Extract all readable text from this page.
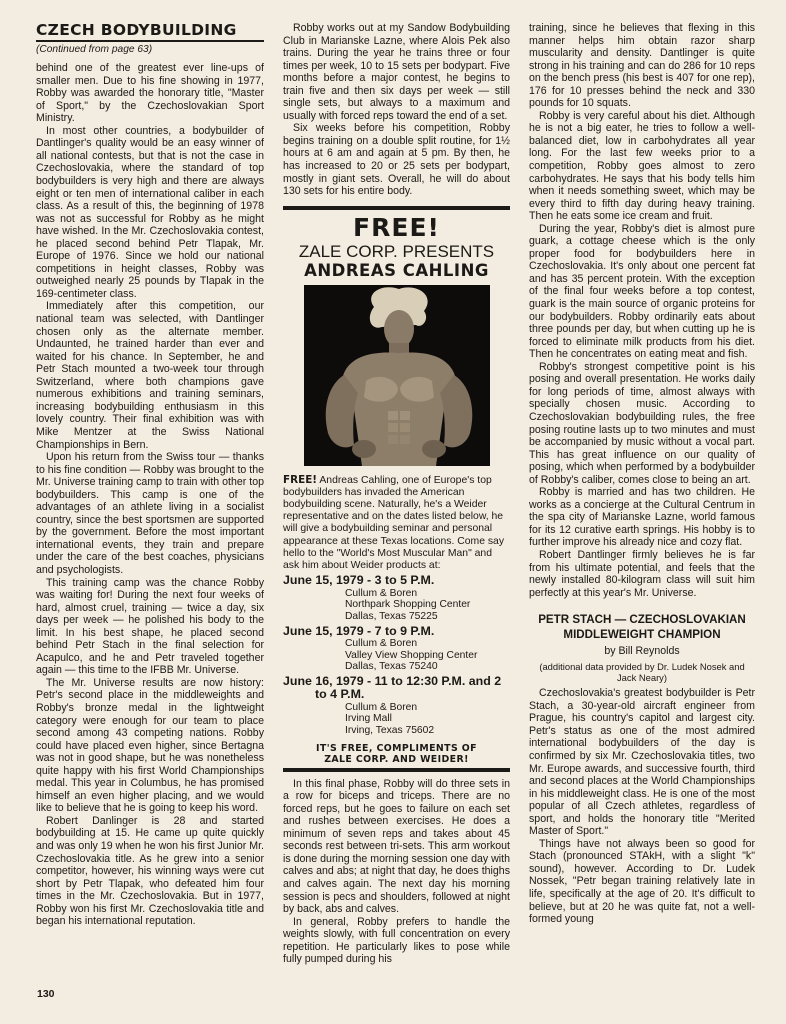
CZECH BODYBUILDING
(Continued from page 63)

behind one of the greatest ever line-ups of smaller men. Due to his fine showing in 1977, Robby was awarded the honorary title, "Master of Sport," by the Czechoslovakian Sport Ministry.

In most other countries, a bodybuilder of Dantlinger's quality would be an easy winner of all national contests, but that is not the case in Czechoslovakia, where the standard of top bodybuilders is very high and there are always eight or ten men of international caliber in each class. As a result of this, the beginning of 1978 was not as successful for Robby as he might have wished. In the Mr. Czechoslovakia contest, he placed second behind Petr Tlapak, Mr. Europe of 1976. Since we hold our national competitions in height classes, Robby was outweighed nearly 25 pounds by Tlapak in the 169-centimeter class.

Immediately after this competition, our national team was selected, with Dantlinger chosen only as the alternate member. Undaunted, he trained harder than ever and waited for his chance. In September, he and Petr Stach mounted a two-week tour through Switzerland, where both champions gave numerous exhibitions and training seminars, increasing bodybuilding enthusiasm in this lovely country. Their final exhibition was with Mike Mentzer at the Swiss National Championships in Bern.

Upon his return from the Swiss tour — thanks to his fine condition — Robby was brought to the Mr. Universe training camp to train with other top bodybuilders. This camp is one of the advantages of an athlete living in a socialist country, since the best sportsmen are supported by the government. Before the most important international events, they train and prepare under the care of the best coaches, physicians and psychologists.

This training camp was the chance Robby was waiting for! During the next four weeks of hard, almost cruel, training — twice a day, six days per week — he polished his body to the limit. In his best shape, he placed second behind Petr Stach in the final selection for Acapulco, and he and Petr traveled together again — this time to the IFBB Mr. Universe.

The Mr. Universe results are now history: Petr's second place in the middleweights and Robby's bronze medal in the lightweight category were enough for our team to place second among 43 competing nations. Robby could have placed even higher, since Bertagna was not in good shape, but he was nonetheless quite happy with his first World Championships medal. This year in Columbus, he has promised himself an even higher placing, and we would like to believe that he is going to keep his word.

Robert Danlinger is 28 and started bodybuilding at 15. He came up quite quickly and was only 19 when he won his first Junior Mr. Czechoslovakia title. As he grew into a senior competitor, however, his winning ways were cut short by Petr Tlapak, who defeated him four times in the Mr. Czechoslovakia. But in 1977, Robby won his first Mr. Czechoslovakia title and began his international reputation.

Robby works out at my Sandow Bodybuilding Club in Marianske Lazne, where Alois Pek also trains. During the year he trains three or four times per week, 10 to 15 sets per bodypart. Five months before a major contest, he begins to train five and then six days per week — still single sets, but always to a maximum and usually with forced reps toward the end of a set.

Six weeks before his competition, Robby begins training on a double split routine, for 1½ hours at 6 am and again at 5 pm. By then, he has increased to 20 or 25 sets per bodypart, mostly in giant sets. Overall, he will do about 130 sets for his entire body.

FREE!
ZALE CORP. PRESENTS
ANDREAS CAHLING
FREE! Andreas Cahling, one of Europe's top bodybuilders has invaded the American bodybuilding scene. Naturally, he's a Weider representative and on the dates listed below, he will give a bodybuilding seminar and personal appearance at these Texas locations. Come say hello to the "World's Most Muscular Man" and ask him about Weider products at:
June 15, 1979 - 3 to 5 P.M.
Cullum & Boren
Northpark Shopping Center
Dallas, Texas 75225
June 15, 1979 - 7 to 9 P.M.
Cullum & Boren
Valley View Shopping Center
Dallas, Texas 75240
June 16, 1979 - 11 to 12:30 P.M. and 2 to 4 P.M.
Cullum & Boren
Irving Mall
Irving, Texas 75602
IT'S FREE, COMPLIMENTS OF
ZALE CORP. AND WEIDER!

In this final phase, Robby will do three sets in a row for biceps and triceps. There are no forced reps, but he goes to failure on each set and rushes between exercises. He does a minimum of seven reps and takes about 45 seconds rest between tri-sets. This arm workout is done during the morning session one day with calves and abs; at night that day, he does thighs and calves again. The next day his morning session is pecs and shoulders, followed at night by back, abs and calves.

In general, Robby prefers to handle the weights slowly, with full concentration on every repetition. He particularly likes to pose while fully pumped during his

training, since he believes that flexing in this manner helps him obtain razor sharp muscularity and density. Dantlinger is quite strong in his training and can do 286 for 10 reps on the bench press (his best is 407 for one rep), 176 for 10 presses behind the neck and 330 pounds for 10 squats.

Robby is very careful about his diet. Although he is not a big eater, he tries to follow a well-balanced diet, low in carbohydrates all year long. For the last few weeks prior to a competition, Robby goes almost to zero carbohydrates. He says that his body tells him when it needs something sweet, which may be every third to fifth day during heavy training. Then he eats some ice cream and fruit.

During the year, Robby's diet is almost pure guark, a cottage cheese which is the only proper food for bodybuilders here in Czechoslovakia. It's only about one percent fat and has 35 percent protein. With the exception of the final four weeks before a top contest, guark is the main source of organic proteins for our bodybuilders. Robby ordinarily eats about three pounds per day, but when cutting up he is forced to eliminate milk products from his diet. Then he concentrates on eating meat and fish.

Robby's strongest competitive point is his posing and overall presentation. He works daily for long periods of time, almost always with specially chosen music. According to Czechoslovakian bodybuilding rules, the free posing routine lasts up to two minutes and must be accompanied by music without a vocal part. This has great influence on our quality of posing, which when performed by a bodybuilder of Robby's caliber, comes close to being an art.

Robby is married and has two children. He works as a concierge at the Cultural Centrum in the spa city of Marianske Lazne, world famous for its 12 curative earth springs. His hobby is to further improve his already nice and cozy flat.

Robert Dantlinger firmly believes he is far from his ultimate potential, and feels that the newly installed 80-kilogram class will suit him perfectly at this year's Mr. Universe.

PETR STACH — CZECHOSLOVAKIAN
MIDDLEWEIGHT CHAMPION
by Bill Reynolds
(additional data provided by Dr. Ludek Nosek and Jack Neary)

Czechoslovakia's greatest bodybuilder is Petr Stach, a 30-year-old aircraft engineer from Prague, his country's capitol and largest city. Petr's status as one of the most admired international bodybuilders of the day is confirmed by six Mr. Czechoslovakia titles, two Mr. Europe awards, and successive fourth, third and second places at the World Championships in his middleweight class. He is one of the most popular of all Czech athletes, regardless of sport, and holds the honorary title "Merited Master of Sport."

Things have not always been so good for Stach (pronounced STAkH, with a slight "k" sound), however. According to Dr. Ludek Nossek, "Petr began training relatively late in life, specifically at the age of 20. It's difficult to believe, but at 20 he was quite fat, not a well-formed young

130
